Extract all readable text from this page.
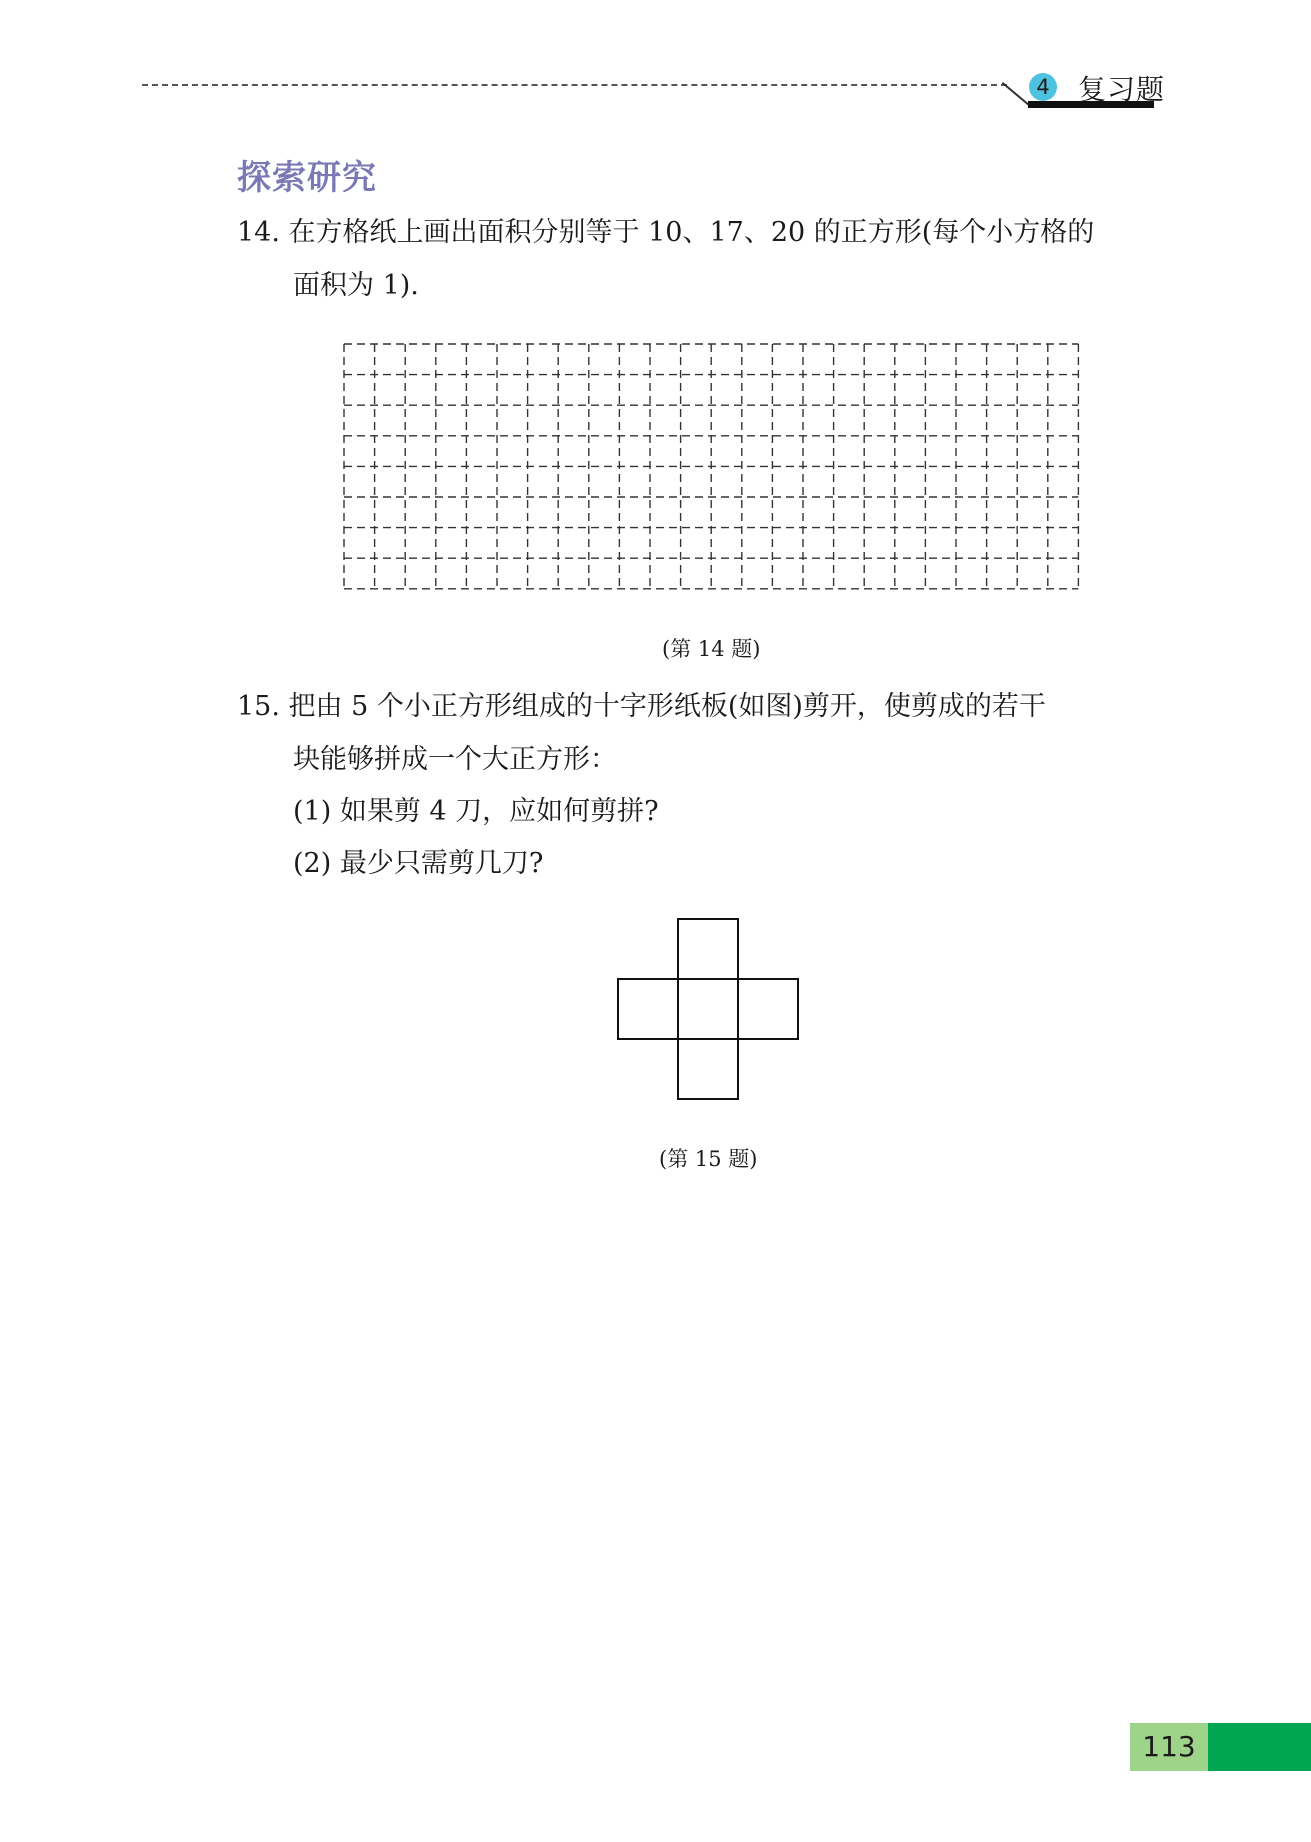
4 复习题
探索研究
14. 在方格纸上画出面积分别等于 10、17、20 的正方形(每个小方格的
面积为 1).
(第 14 题)
15. 把由 5 个小正方形组成的十字形纸板(如图)剪开，使剪成的若干
块能够拼成一个大正方形：
(1) 如果剪 4 刀，应如何剪拼?
(2) 最少只需剪几刀?
(第 15 题)
113
